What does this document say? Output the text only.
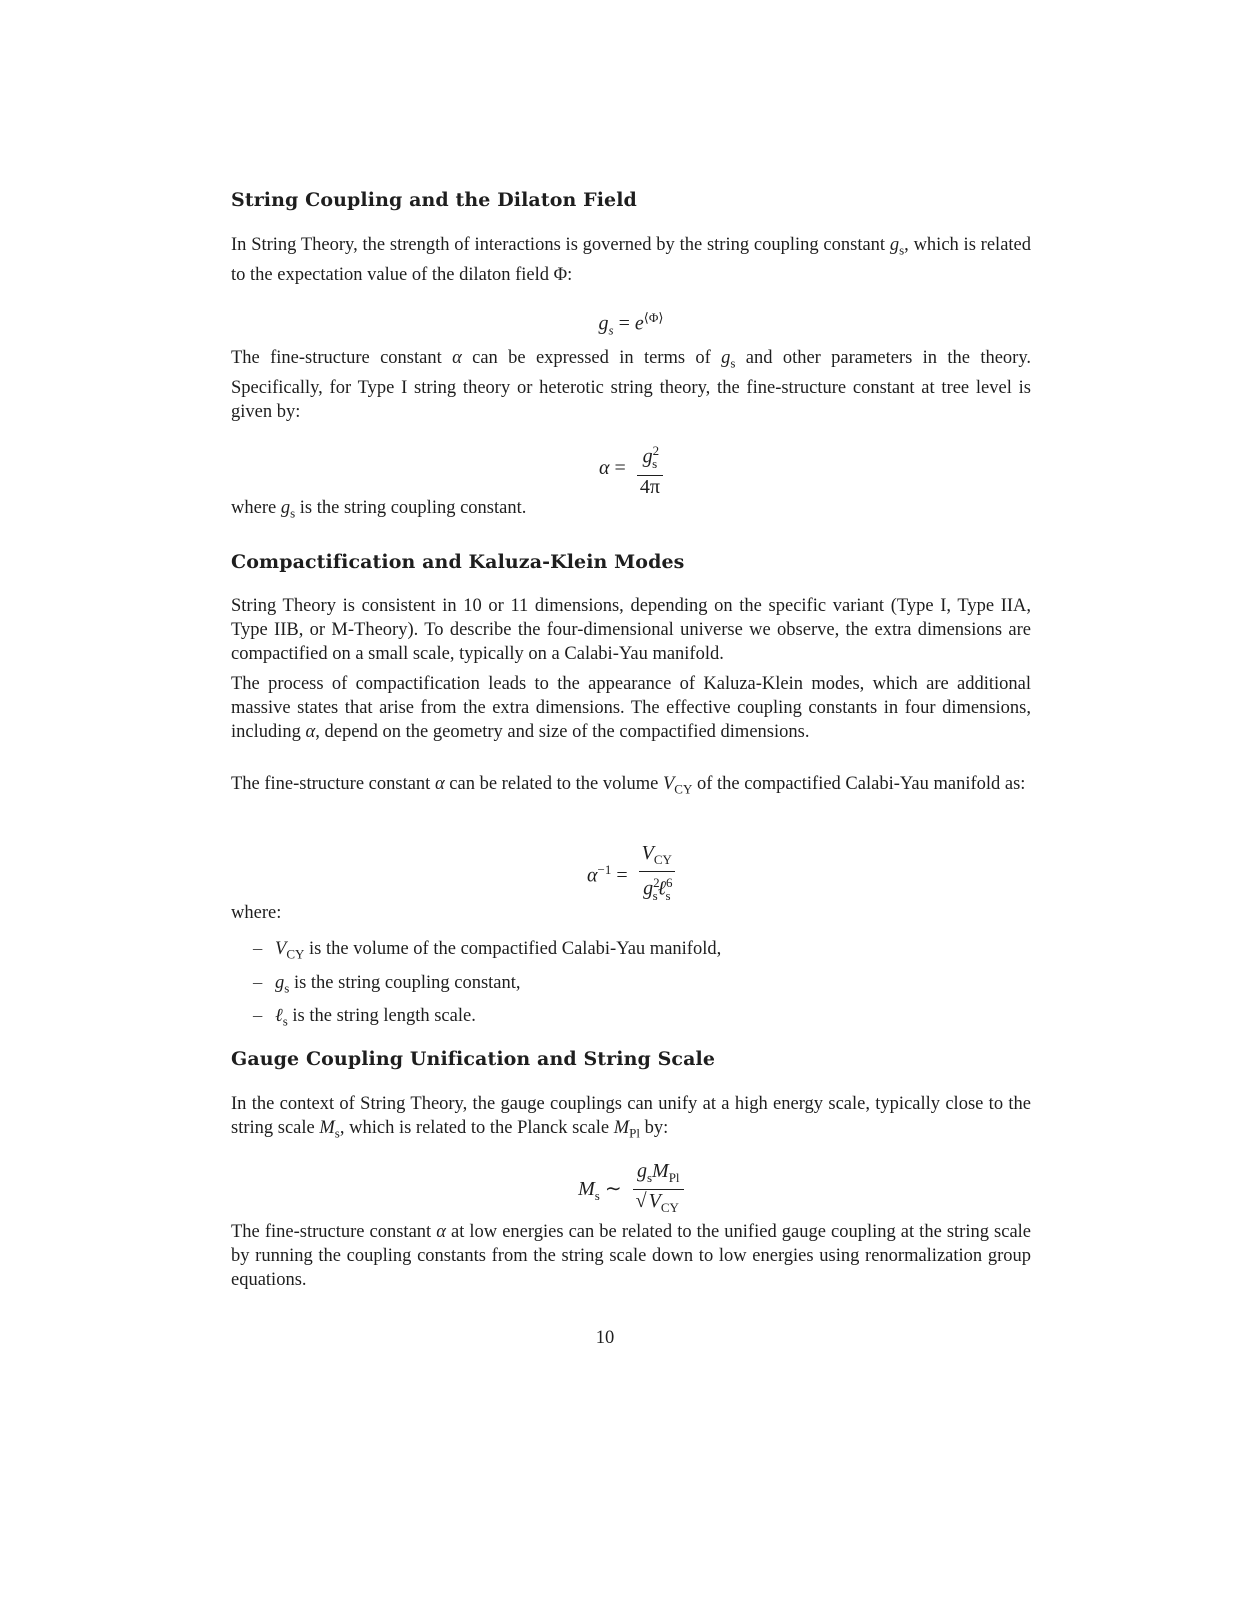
String Coupling and the Dilaton Field
In String Theory, the strength of interactions is governed by the string coupling constant $g_s$, which is related to the expectation value of the dilaton field Φ:
$g_s = e^{⟨\Phi⟩}$
The fine-structure constant α can be expressed in terms of $g_s$ and other parameters in the theory. Specifically, for Type I string theory or heterotic string theory, the fine-structure constant at tree level is given by:
$\alpha = \frac{g^2_s}{4\pi}$
where $g_s$ is the string coupling constant.
Compactification and Kaluza-Klein Modes
String Theory is consistent in 10 or 11 dimensions, depending on the specific variant (Type I, Type IIA, Type IIB, or M-Theory). To describe the four-dimensional universe we observe, the extra dimensions are compactified on a small scale, typically on a Calabi-Yau manifold.
The process of compactification leads to the appearance of Kaluza-Klein modes, which are additional massive states that arise from the extra dimensions. The effective coupling constants in four dimensions, including α, depend on the geometry and size of the compactified dimensions.
The fine-structure constant α can be related to the volume $V_{CY}$ of the compactified Calabi-Yau manifold as:
$\alpha^{-1} = \frac{V_{CY}}{g^2_s\ell^6_s}$
where:
– $V_{CY}$ is the volume of the compactified Calabi-Yau manifold,
– $g_s$ is the string coupling constant,
– ℓ$_s$ is the string length scale.
Gauge Coupling Unification and String Scale
In the context of String Theory, the gauge couplings can unify at a high energy scale, typically close to the string scale $M_s$, which is related to the Planck scale $M_{Pl}$ by:
$M_s$ ∼ $\frac{g_sM_{Pl}}{√ V_{CY}}$
The fine-structure constant α at low energies can be related to the unified gauge coupling at the string scale by running the coupling constants from the string scale down to low energies using renormalization group equations.
10
